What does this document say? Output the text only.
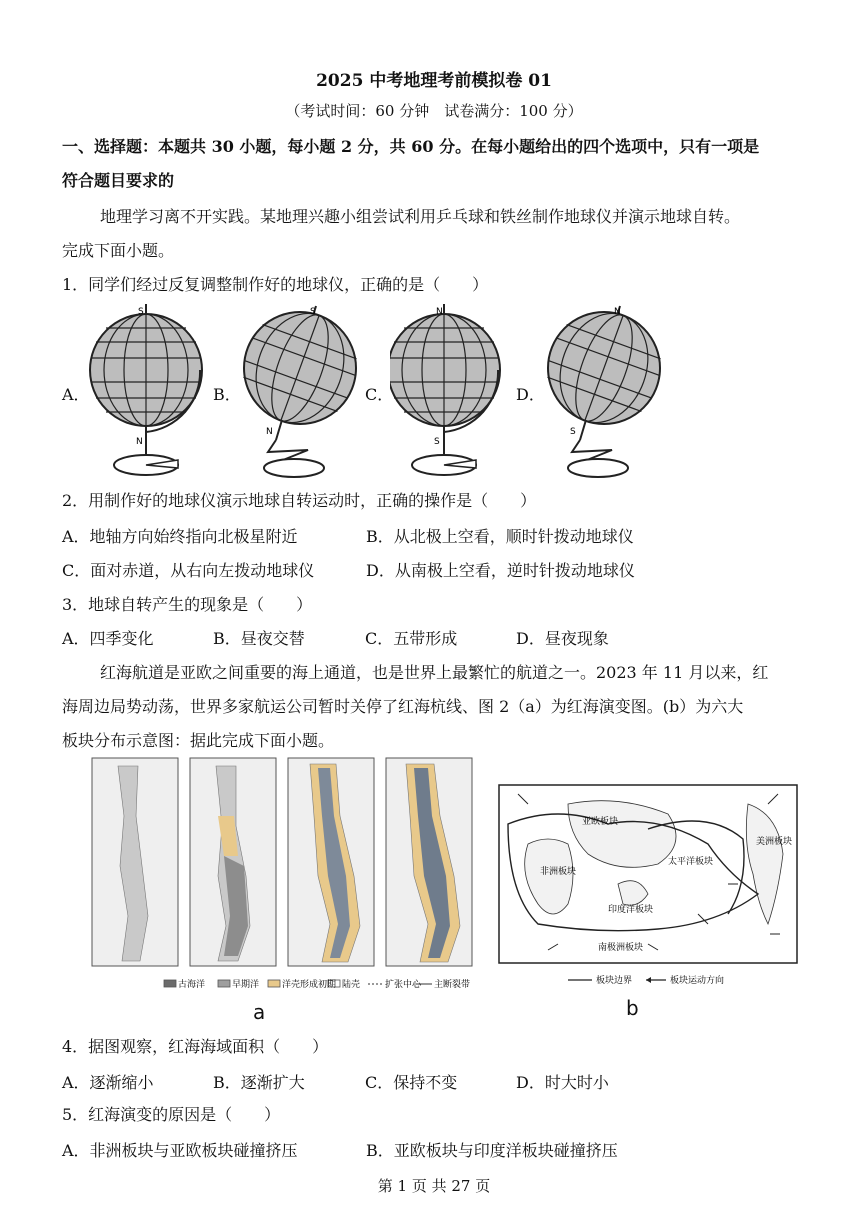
2025 中考地理考前模拟卷 01
（考试时间：60 分钟　试卷满分：100 分）
一、选择题：本题共 30 小题，每小题 2 分，共 60 分。在每小题给出的四个选项中，只有一项是
符合题目要求的
地理学习离不开实践。某地理兴趣小组尝试利用乒乓球和铁丝制作地球仪并演示地球自转。
完成下面小题。
1．同学们经过反复调整制作好的地球仪，正确的是（　　）
A．	B．	C．	D．
S
N
S
N
N
S
N
S
2．用制作好的地球仪演示地球自转运动时，正确的操作是（　　）
A．地轴方向始终指向北极星附近	B．从北极上空看，顺时针拨动地球仪
C．面对赤道，从右向左拨动地球仪	D．从南极上空看，逆时针拨动地球仪
3．地球自转产生的现象是（　　）
A．四季变化	B．昼夜交替	C．五带形成	D．昼夜现象
红海航道是亚欧之间重要的海上通道，也是世界上最繁忙的航道之一。2023 年 11 月以来，红
海周边局势动荡，世界多家航运公司暂时关停了红海杭线、图 2（a）为红海演变图。(b）为六大
板块分布示意图：据此完成下面小题。
古海洋	早期洋	洋壳形成初期 陆壳	扩张中心 主断裂带
a
亚欧板块
太平洋板块
非洲板块
印度洋板块
南极洲板块
美洲板块
板块边界	板块运动方向
b
4．据图观察，红海海域面积（　　）
A．逐渐缩小	B．逐渐扩大	C．保持不变	D．时大时小
5．红海演变的原因是（　　）
A．非洲板块与亚欧板块碰撞挤压	B．亚欧板块与印度洋板块碰撞挤压
第 1 页 共 27 页
